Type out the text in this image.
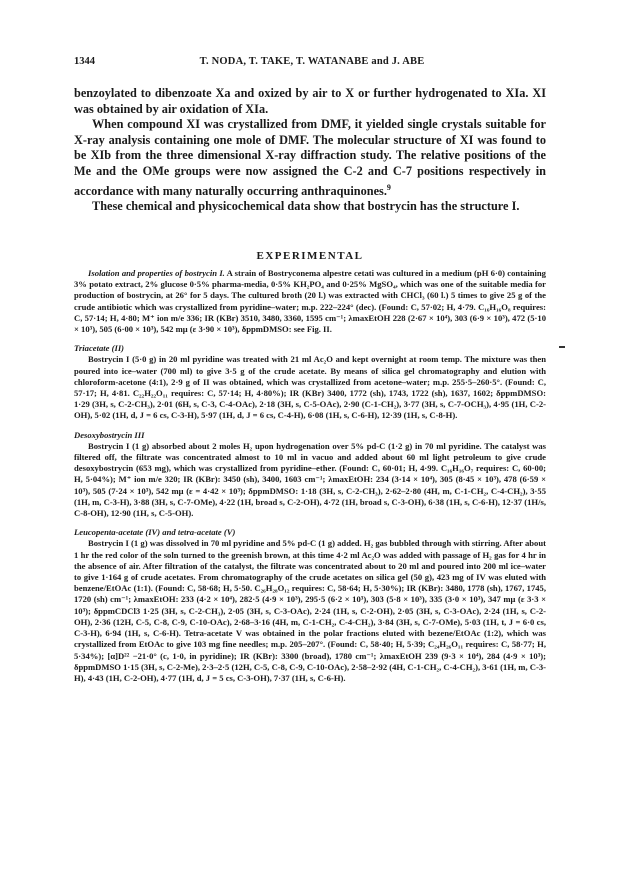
1344	T. NODA, T. TAKE, T. WATANABE and J. ABE

benzoylated to dibenzoate Xa and oxized by air to X or further hydrogenated to XIa. XI was obtained by air oxidation of XIa.

When compound XI was crystallized from DMF, it yielded single crystals suitable for X-ray analysis containing one mole of DMF. The molecular structure of XI was found to be XIb from the three dimensional X-ray diffraction study. The relative positions of the Me and the OMe groups were now assigned the C-2 and C-7 positions respectively in accordance with many naturally occurring anthraquinones.$^9$

These chemical and physicochemical data show that bostrycin has the structure I.

EXPERIMENTAL

Isolation and properties of bostrycin I. A strain of Bostryconema alpestre cetati was cultured in a medium (pH 6·0) containing 3% potato extract, 2% glucose 0·5% pharma-media, 0·5% KH₂PO₄ and 0·25% MgSO₄, which was one of the suitable media for production of bostrycin, at 26° for 5 days. The cultured broth (20 l.) was extracted with CHCl₃ (60 l.) 5 times to give 25 g of the crude antibiotic which was crystallized from pyridine–water; m.p. 222–224° (dec). (Found: C, 57·02; H, 4·79. C₁₆H₁₆O₈ requires: C, 57·14; H, 4·80; M⁺ ion m/e 336; IR (KBr) 3510, 3480, 3360, 1595 cm⁻¹; λmaxEtOH 228 (2·67 × 10⁴), 303 (6·9 × 10³), 472 (5·10 × 10³), 505 (6·00 × 10³), 542 mμ (ε 3·90 × 10³), δppmDMSO: see Fig. II.

Triacetate (II)

Bostrycin I (5·0 g) in 20 ml pyridine was treated with 21 ml Ac₂O and kept overnight at room temp. The mixture was then poured into ice–water (700 ml) to give 3·5 g of the crude acetate. By means of silica gel chromatography and elution with chloroform-acetone (4:1), 2·9 g of II was obtained, which was crystallized from acetone–water; m.p. 255·5–260·5°. (Found: C, 57·17; H, 4·81. C₂₂H₂₂O₁₁ requires: C, 57·14; H, 4·80%); IR (KBr) 3400, 1772 (sh), 1743, 1722 (sh), 1637, 1602; δppmDMSO: 1·29 (3H, s, C-2-CH₃), 2·01 (6H, s, C-3, C-4-OAc), 2·18 (3H, s, C-5-OAc), 2·90 (C-1-CH₂), 3·77 (3H, s, C-7-OCH₃), 4·95 (1H, C-2-OH), 5·02 (1H, d, J = 6 cs, C-3-H), 5·97 (1H, d, J = 6 cs, C-4-H), 6·08 (1H, s, C-6-H), 12·39 (1H, s, C-8-H).

Desoxybostrycin III

Bostrycin I (1 g) absorbed about 2 moles H₂ upon hydrogenation over 5% pd-C (1·2 g) in 70 ml pyridine. The catalyst was filtered off, the filtrate was concentrated almost to 10 ml in vacuo and added about 60 ml light petroleum to give crude desoxybostrycin (653 mg), which was crystallized from pyridine–ether. (Found: C, 60·01; H, 4·99. C₁₆H₁₆O₇ requires: C, 60·00; H, 5·04%); M⁺ ion m/e 320; IR (KBr): 3450 (sh), 3400, 1603 cm⁻¹; λmaxEtOH: 234 (3·14 × 10⁴), 305 (8·45 × 10³), 478 (6·59 × 10³), 505 (7·24 × 10³), 542 mμ (ε = 4·42 × 10³); δppmDMSO: 1·18 (3H, s, C-2-CH₃), 2·62–2·80 (4H, m, C-1-CH₂, C-4-CH₂), 3·55 (1H, m, C-3-H), 3·88 (3H, s, C-7-OMe), 4·22 (1H, broad s, C-2-OH), 4·72 (1H, broad s, C-3-OH), 6·38 (1H, s, C-6-H), 12·37 (1H/s, C-8-OH), 12·90 (1H, s, C-5-OH).

Leucopenta-acetate (IV) and tetra-acetate (V)

Bostrycin I (1 g) was dissolved in 70 ml pyridine and 5% pd-C (1 g) added. H₂ gas bubbled through with stirring. After about 1 hr the red color of the soln turned to the greenish brown, at this time 4·2 ml Ac₂O was added with passage of H₂ gas for 4 hr in the absence of air. After filtration of the catalyst, the filtrate was concentrated about to 20 ml and poured into 200 ml ice–water to give 1·164 g of crude acetates. From chromatography of the crude acetates on silica gel (50 g), 423 mg of IV was eluted with benzene/EtOAc (1:1). (Found: C, 58·68; H, 5·50. C₂₆H₂₈O₁₂ requires: C, 58·64; H, 5·30%); IR (KBr): 3480, 1778 (sh), 1767, 1745, 1720 (sh) cm⁻¹; λmaxEtOH: 233 (4·2 × 10⁴), 282·5 (4·9 × 10³), 295·5 (6·2 × 10³), 303 (5·8 × 10³), 335 (3·0 × 10³), 347 mμ (ε 3·3 × 10³); δppmCDCl3 1·25 (3H, s, C-2-CH₃), 2·05 (3H, s, C-3-OAc), 2·24 (1H, s, C-2-OH), 2·05 (3H, s, C-3-OAc), 2·24 (1H, s, C-2-OH), 2·36 (12H, C-5, C-8, C-9, C-10-OAc), 2·68–3·16 (4H, m, C-1-CH₂, C-4-CH₂), 3·84 (3H, s, C-7-OMe), 5·03 (1H, t, J = 6·0 cs, C-3-H), 6·94 (1H, s, C-6-H). Tetra-acetate V was obtained in the polar fractions eluted with bezene/EtOAc (1:2), which was crystallized from EtOAc to give 103 mg fine needles; m.p. 205–207°. (Found: C, 58·40; H, 5·39; C₂₄H₂₆O₁₁ requires: C, 58·77; H, 5·34%); [α]D²² −21·0° (c, 1·0, in pyridine); IR (KBr): 3300 (broad), 1780 cm⁻¹; λmaxEtOH 239 (9·3 × 10⁴), 284 (4·9 × 10³); δppmDMSO 1·15 (3H, s, C-2-Me), 2·3–2·5 (12H, C-5, C-8, C-9, C-10-OAc), 2·58–2·92 (4H, C-1-CH₂, C-4-CH₂), 3·61 (1H, m, C-3-H), 4·43 (1H, C-2-OH), 4·77 (1H, d, J = 5 cs, C-3-OH), 7·37 (1H, s, C-6-H).
